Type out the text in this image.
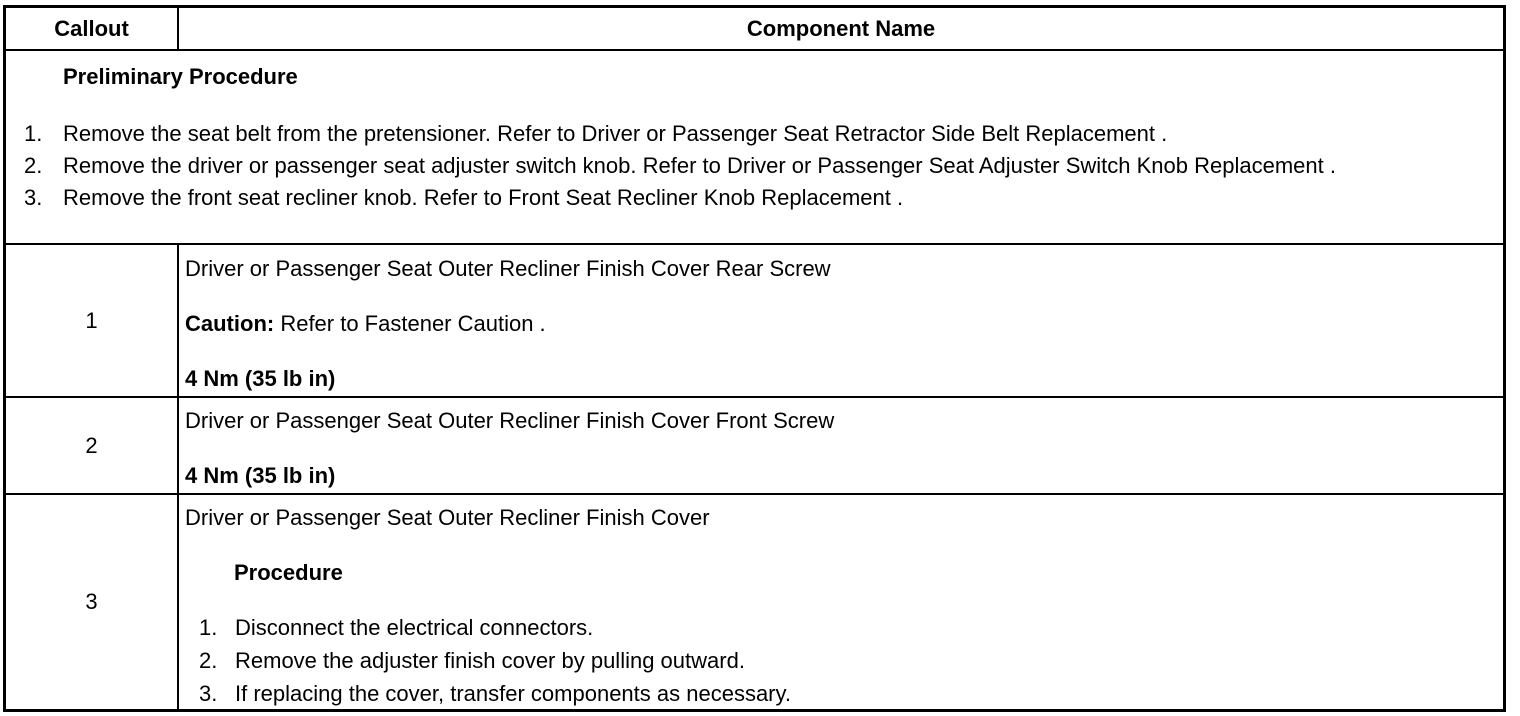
Callout	Component Name
Preliminary Procedure
1. Remove the seat belt from the pretensioner. Refer to Driver or Passenger Seat Retractor Side Belt Replacement .
2. Remove the driver or passenger seat adjuster switch knob. Refer to Driver or Passenger Seat Adjuster Switch Knob Replacement .
3. Remove the front seat recliner knob. Refer to Front Seat Recliner Knob Replacement .
1
Driver or Passenger Seat Outer Recliner Finish Cover Rear Screw
Caution: Refer to Fastener Caution .
4 Nm (35 lb in)
2
Driver or Passenger Seat Outer Recliner Finish Cover Front Screw
4 Nm (35 lb in)
3
Driver or Passenger Seat Outer Recliner Finish Cover
Procedure
1. Disconnect the electrical connectors.
2. Remove the adjuster finish cover by pulling outward.
3. If replacing the cover, transfer components as necessary.
